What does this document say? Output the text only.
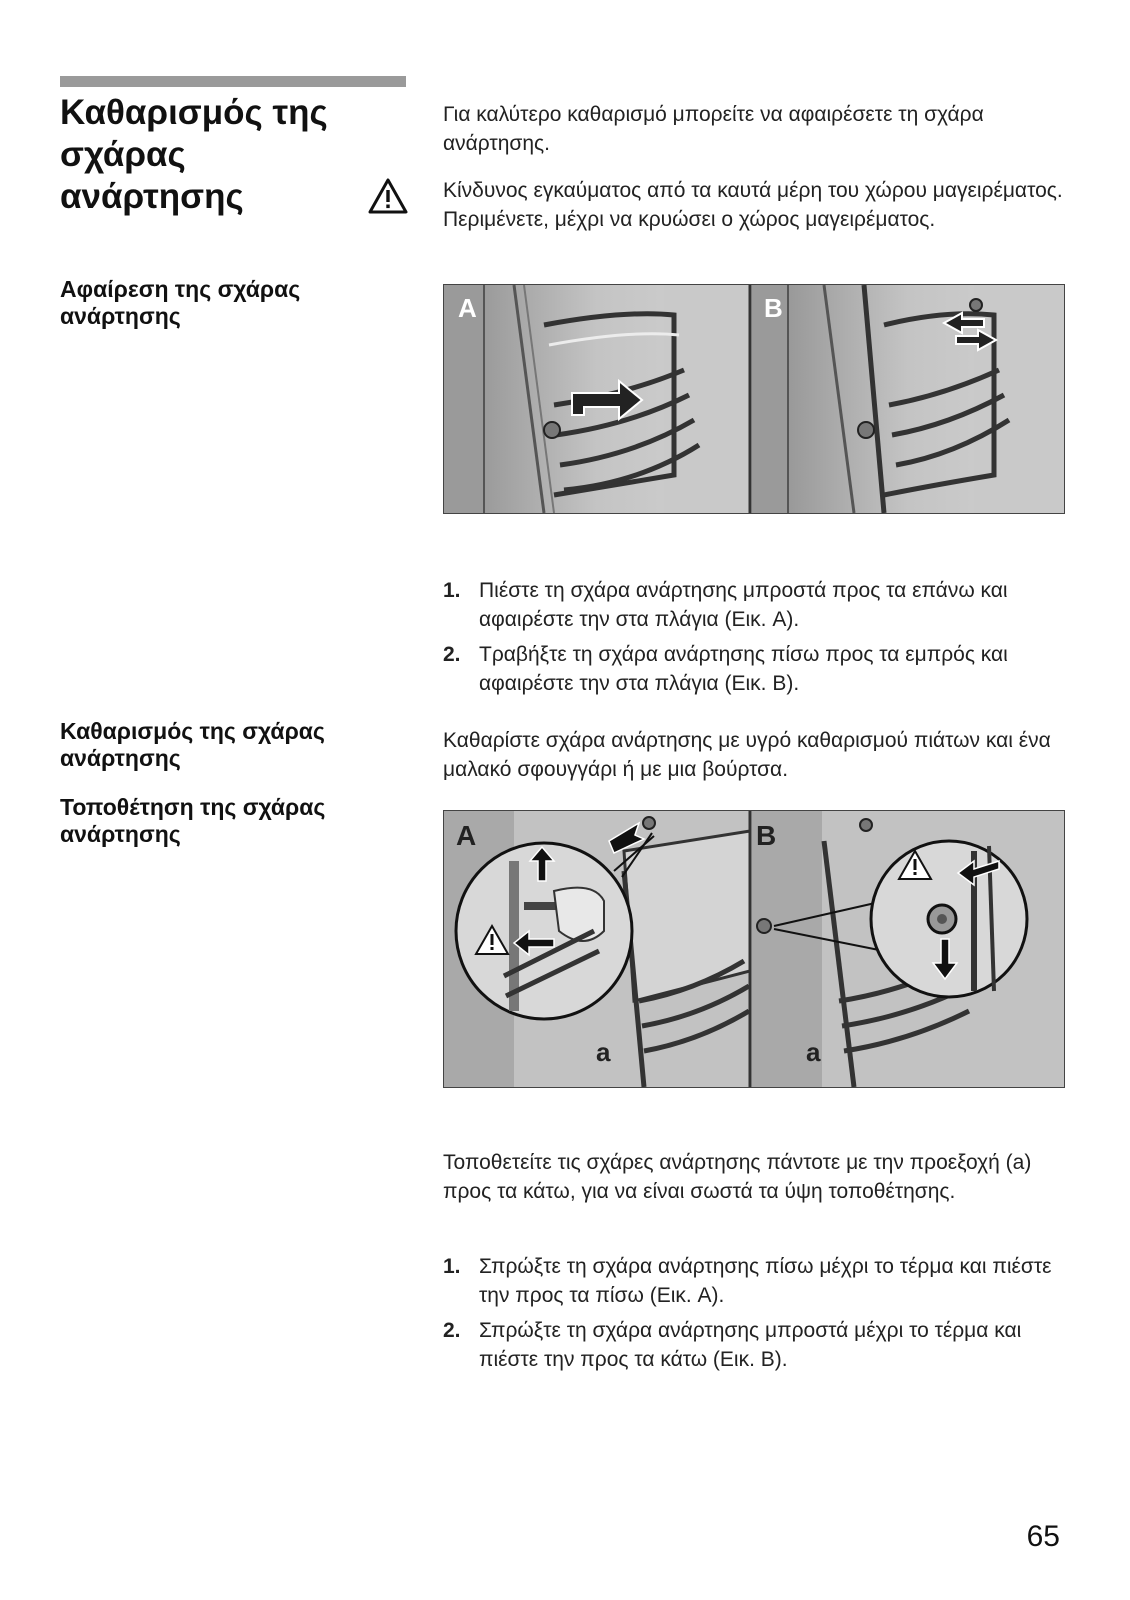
Καθαρισμός της σχάρας ανάρτησης
Αφαίρεση της σχάρας ανάρτησης
Καθαρισμός της σχάρας ανάρτησης
Τοποθέτηση της σχάρας ανάρτησης

Για καλύτερο καθαρισμό μπορείτε να αφαιρέσετε τη σχάρα ανάρτησης.

Κίνδυνος εγκαύματος από τα καυτά μέρη του χώρου μαγειρέματος. Περιμένετε, μέχρι να κρυώσει ο χώρος μαγειρέματος.

A	B
1. Πιέστε τη σχάρα ανάρτησης μπροστά προς τα επάνω και αφαιρέστε την στα πλάγια (Εικ. A).
2. Τραβήξτε τη σχάρα ανάρτησης πίσω προς τα εμπρός και αφαιρέστε την στα πλάγια (Εικ. B).

Καθαρίστε σχάρα ανάρτησης με υγρό καθαρισμού πιάτων και ένα μαλακό σφουγγάρι ή με μια βούρτσα.

A
a
B
a

Τοποθετείτε τις σχάρες ανάρτησης πάντοτε με την προεξοχή (a) προς τα κάτω, για να είναι σωστά τα ύψη τοποθέτησης.

1. Σπρώξτε τη σχάρα ανάρτησης πίσω μέχρι το τέρμα και πιέστε την προς τα πίσω (Εικ. A).
2. Σπρώξτε τη σχάρα ανάρτησης μπροστά μέχρι το τέρμα και πιέστε την προς τα κάτω (Εικ. B).

65
